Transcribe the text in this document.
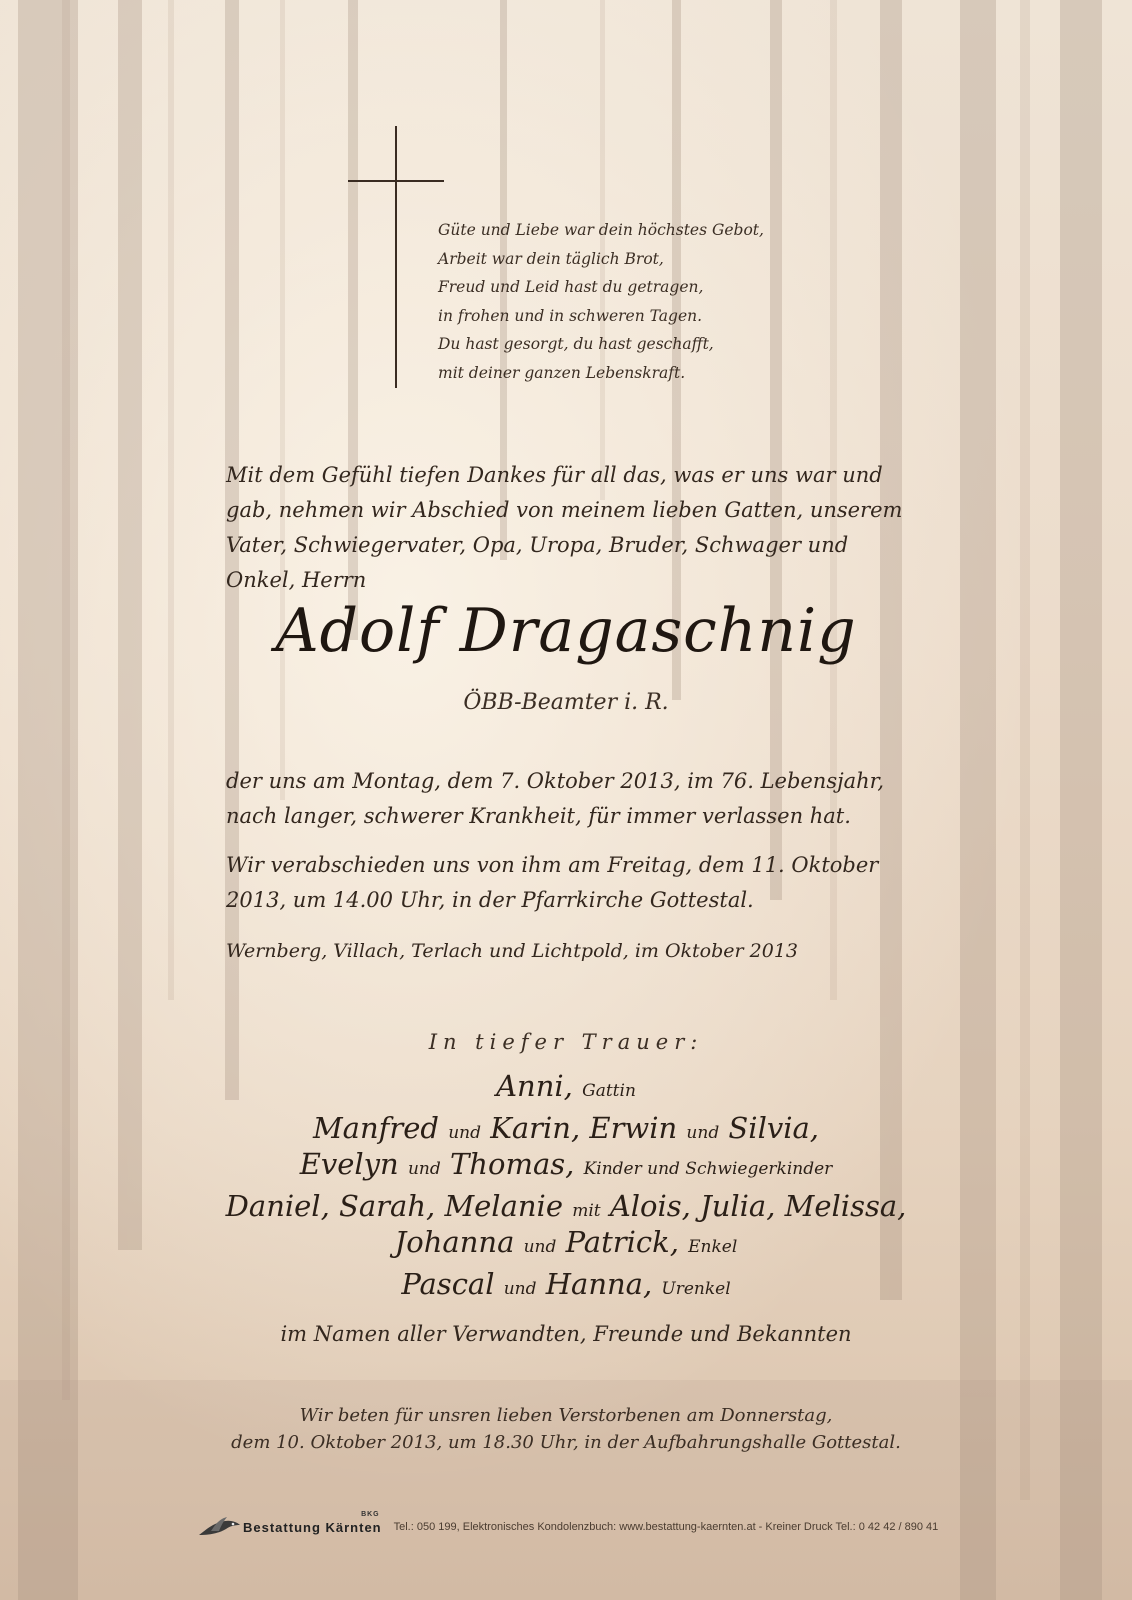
Güte und Liebe war dein höchstes Gebot,
Arbeit war dein täglich Brot,
Freud und Leid hast du getragen,
in frohen und in schweren Tagen.
Du hast gesorgt, du hast geschafft,
mit deiner ganzen Lebenskraft.

Mit dem Gefühl tiefen Dankes für all das, was er uns war und gab, nehmen wir Abschied von meinem lieben Gatten, unserem Vater, Schwiegervater, Opa, Uropa, Bruder, Schwager und Onkel, Herrn

Adolf Dragaschnig
ÖBB-Beamter i. R.

der uns am Montag, dem 7. Oktober 2013, im 76. Lebensjahr, nach langer, schwerer Krankheit, für immer verlassen hat.

Wir verabschieden uns von ihm am Freitag, dem 11. Oktober 2013, um 14.00 Uhr, in der Pfarrkirche Gottestal.

Wernberg, Villach, Terlach und Lichtpold, im Oktober 2013

In tiefer Trauer:
Anni, Gattin
Manfred und Karin, Erwin und Silvia,
Evelyn und Thomas, Kinder und Schwiegerkinder
Daniel, Sarah, Melanie mit Alois, Julia, Melissa,
Johanna und Patrick, Enkel
Pascal und Hanna, Urenkel
im Namen aller Verwandten, Freunde und Bekannten
Wir beten für unsren lieben Verstorbenen am Donnerstag,
dem 10. Oktober 2013, um 18.30 Uhr, in der Aufbahrungshalle Gottestal.
Bestattung Kärnten
BKG
Tel.: 050 199, Elektronisches Kondolenzbuch: www.bestattung-kaernten.at - Kreiner Druck Tel.: 0 42 42 / 890 41
